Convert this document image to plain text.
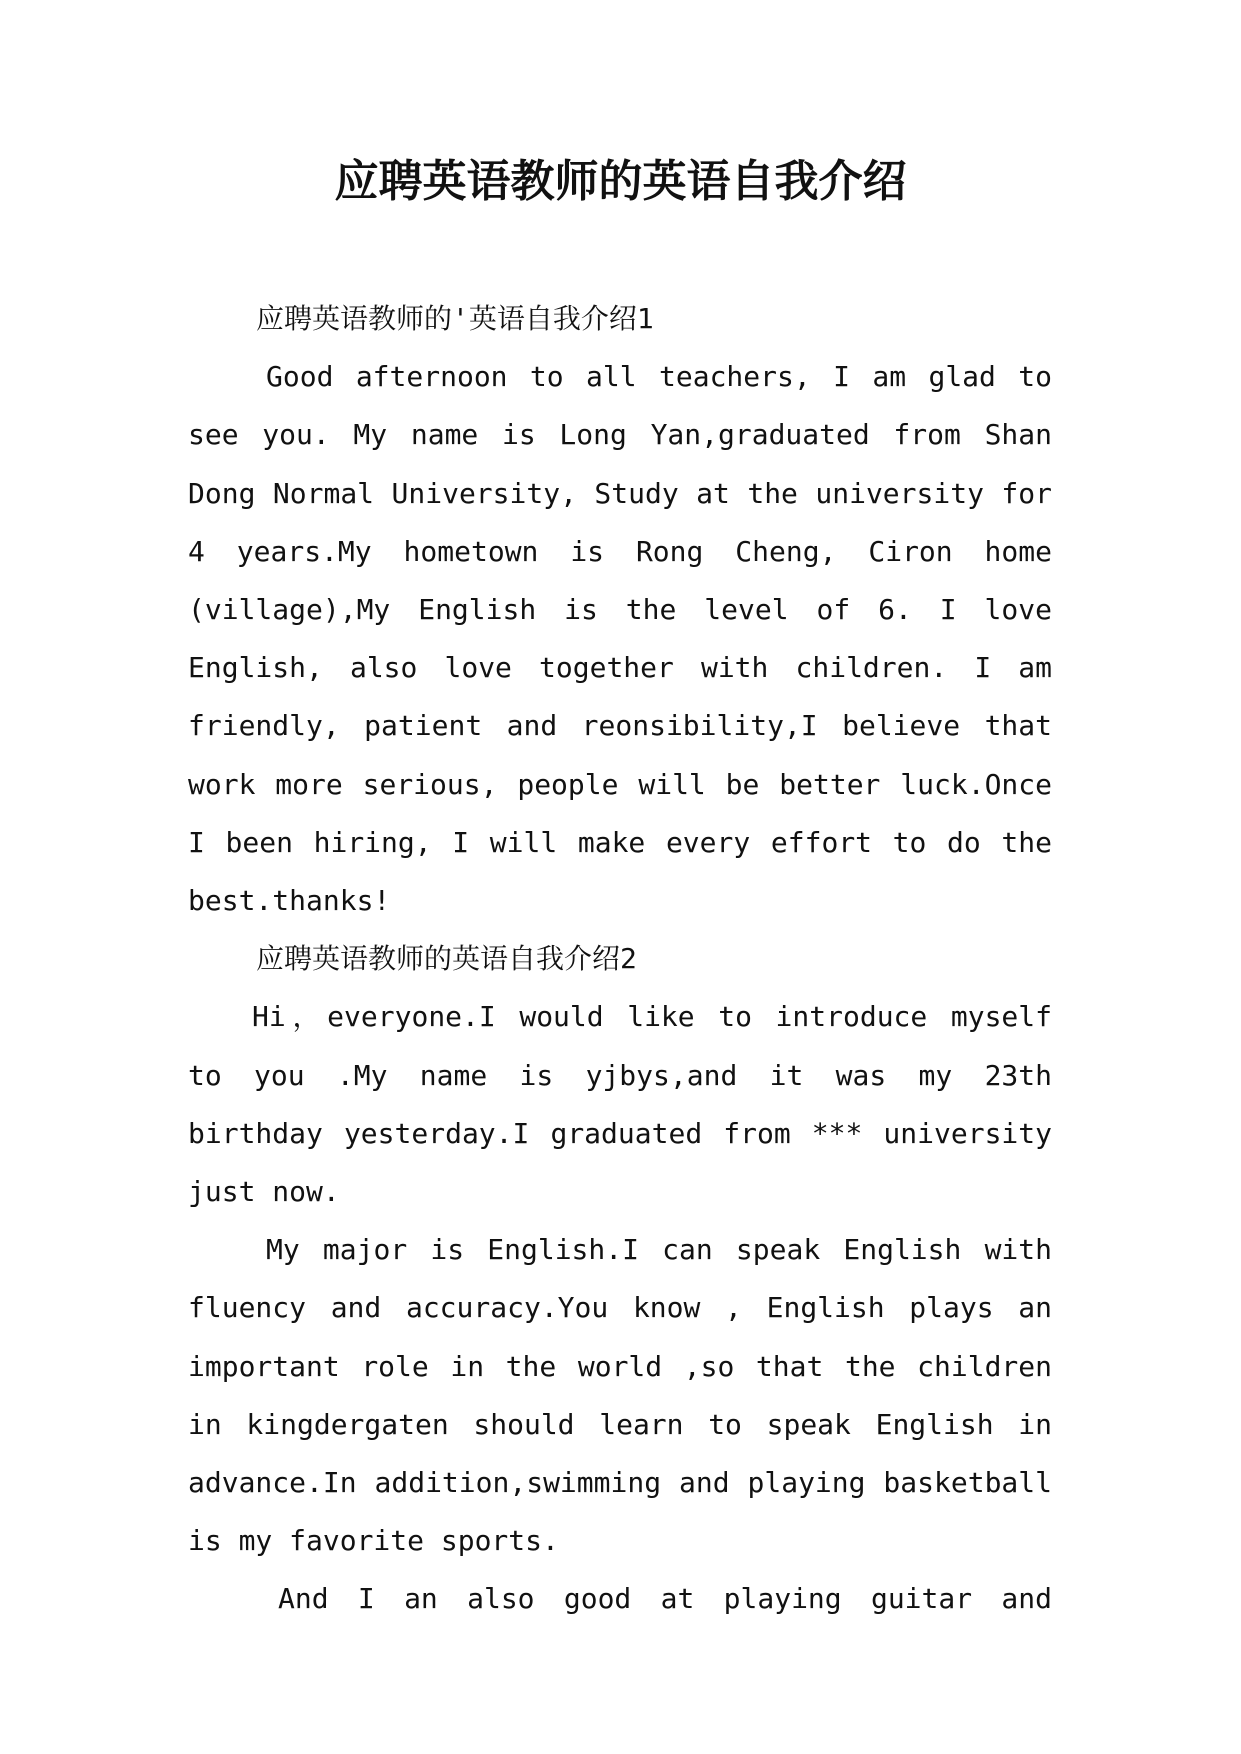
应聘英语教师的英语自我介绍

应聘英语教师的'英语自我介绍1

Good afternoon to all teachers, I am glad to see you. My name is Long Yan,graduated from Shan Dong Normal University, Study at the university for 4 years.My hometown is Rong Cheng, Ciron home (village),My English is the level of 6. I love English, also love together with children. I am friendly, patient and reonsibility,I believe that work more serious, people will be better luck.Once I been hiring, I will make every effort to do the best.thanks!

应聘英语教师的英语自我介绍2

Hi，everyone.I would like to introduce myself to you .My name is yjbys,and it was my 23th birthday yesterday.I graduated from *** university just now.

My major is English.I can speak English with fluency and accuracy.You know , English plays an important role in the world ,so that the children in kingdergaten should learn to speak English in advance.In addition,swimming and playing basketball is my favorite sports.

And I an also good at playing guitar and
